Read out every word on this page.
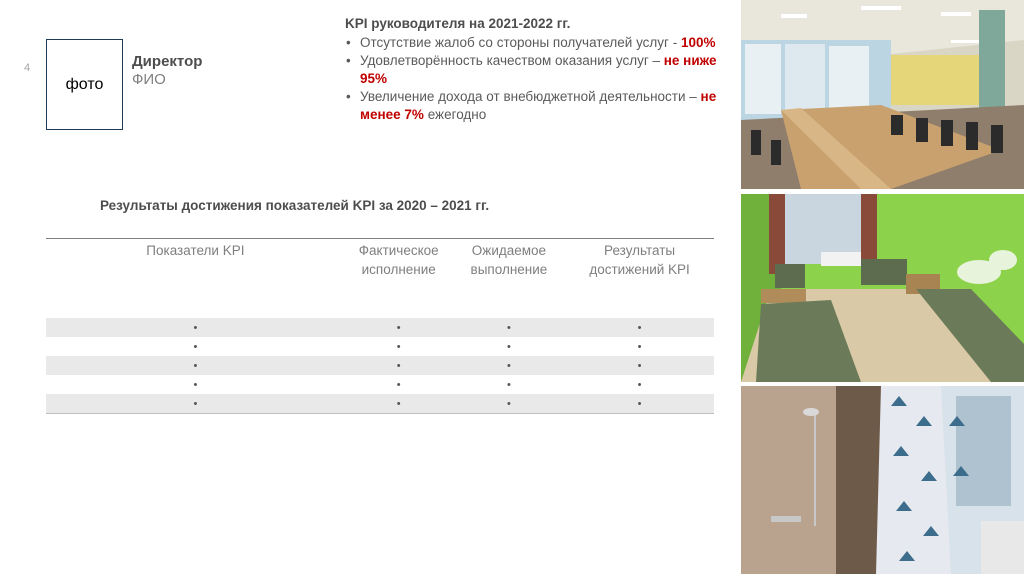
4
фото
Директор
ФИО
KPI руководителя на 2021-2022 гг.
• Отсутствие жалоб со стороны получателей услуг - 100%
• Удовлетворённость качеством оказания услуг – не ниже 95%
• Увеличение дохода от внебюджетной деятельности – не менее 7% ежегодно
Результаты достижения показателей KPI за 2020 – 2021 гг.
Показатели KPI	Фактическое исполнение	Ожидаемое выполнение	Результаты достижений KPI
•	•	•	•
•	•	•	•
•	•	•	•
•	•	•	•
•	•	•	•
